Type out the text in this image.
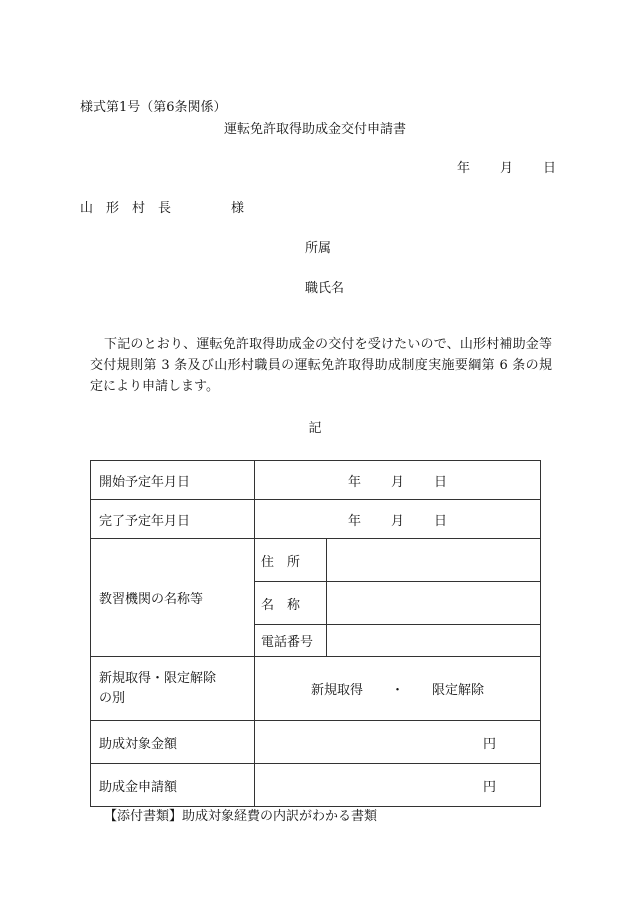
様式第1号（第6条関係）
運転免許取得助成金交付申請書
年 月 日
山　形　村　長	様
所属
職氏名
下記のとおり、運転免許取得助成金の交付を受けたいので、山形村補助金等交付規則第 3 条及び山形村職員の運転免許取得助成制度実施要綱第 6 条の規定により申請します。
記
開始予定年月日	年 月 日	
完了予定年月日	年 月 日	
教習機関の名称等	住　所	
	名　称	
	電話番号	
新規取得・限定解除の別	新規取得 ・ 限定解除	
助成対象金額	円	
助成金申請額	円	
【添付書類】助成対象経費の内訳がわかる書類
